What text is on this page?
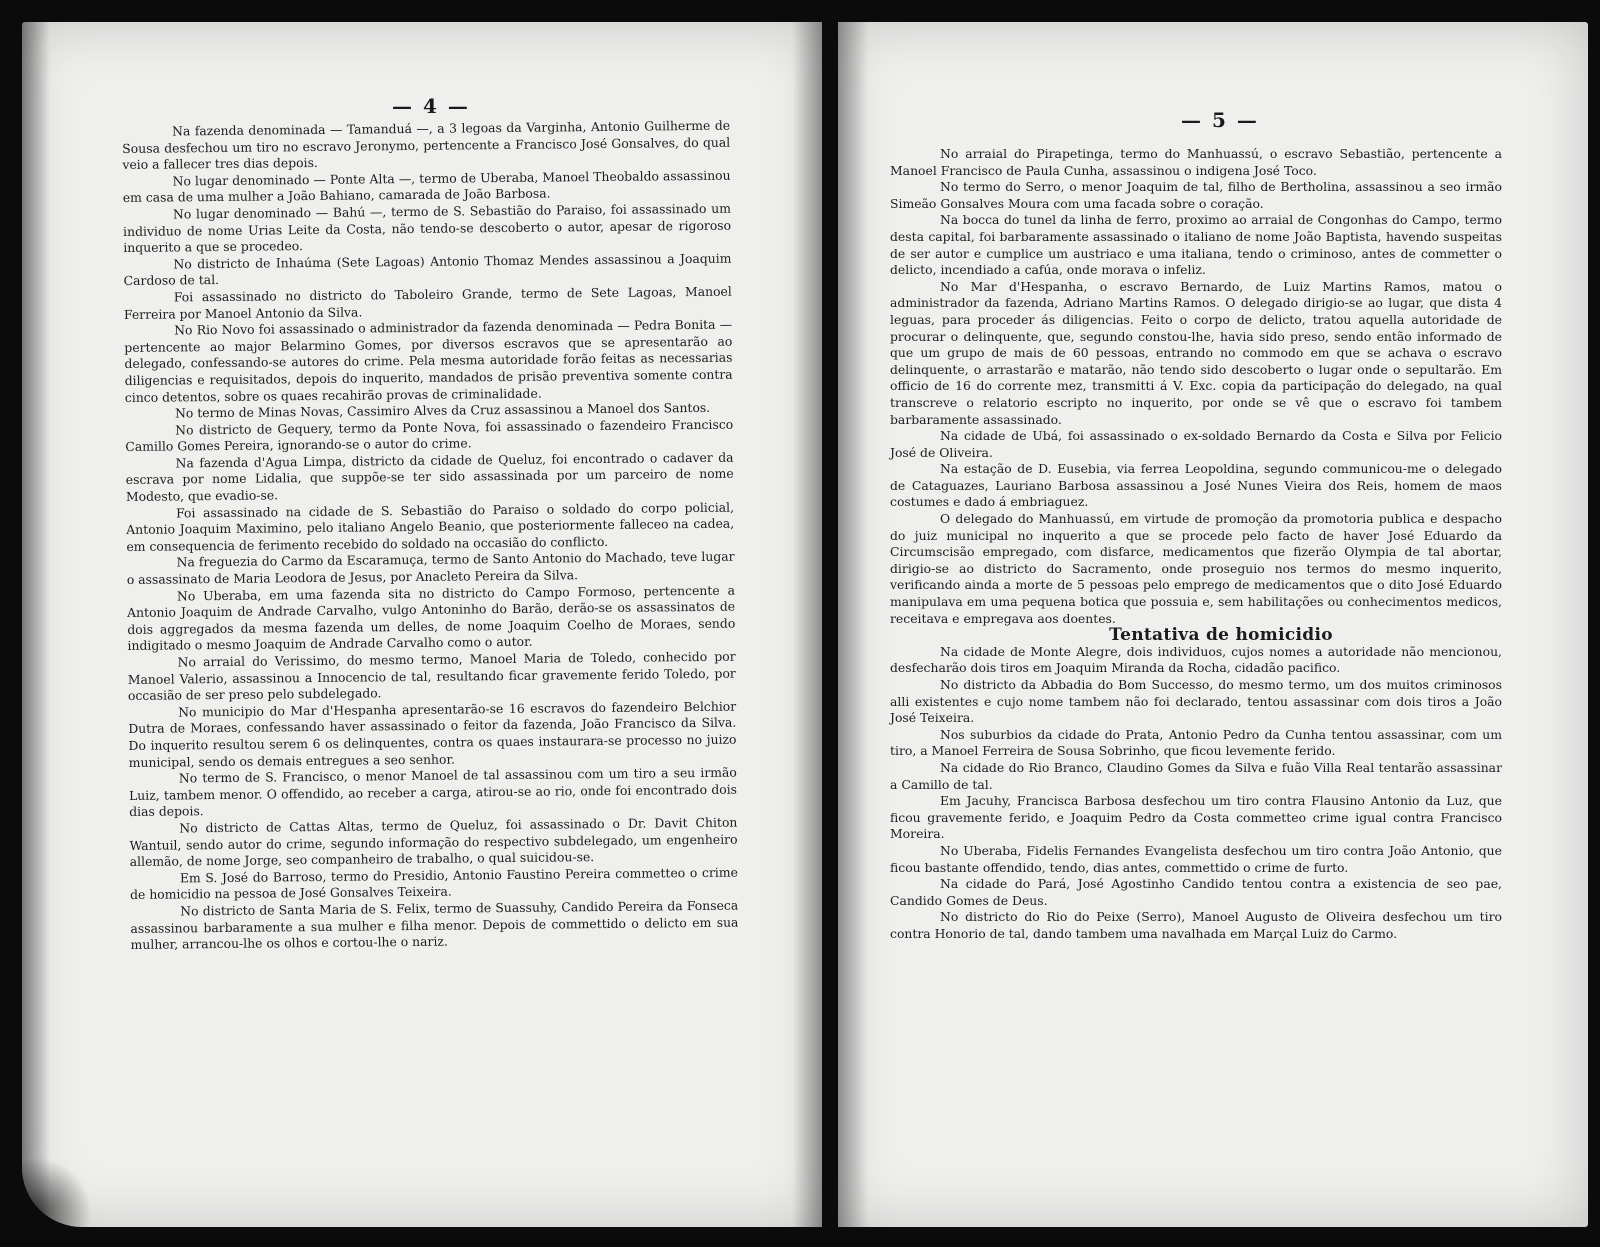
— 4 —

Na fazenda denominada — Tamanduá —, a 3 legoas da Varginha, Antonio Guilherme de Sousa desfechou um tiro no escravo Jeronymo, pertencente a Francisco José Gonsalves, do qual veio a fallecer tres dias depois.

No lugar denominado — Ponte Alta —, termo de Uberaba, Manoel Theobaldo assassinou em casa de uma mulher a João Bahiano, camarada de João Barbosa.

No lugar denominado — Bahú —, termo de S. Sebastião do Paraiso, foi assassinado um individuo de nome Urias Leite da Costa, não tendo-se descoberto o autor, apesar de rigoroso inquerito a que se procedeo.

No districto de Inhaúma (Sete Lagoas) Antonio Thomaz Mendes assassinou a Joaquim Cardoso de tal.

Foi assassinado no districto do Taboleiro Grande, termo de Sete Lagoas, Manoel Ferreira por Manoel Antonio da Silva.

No Rio Novo foi assassinado o administrador da fazenda denominada — Pedra Bonita — pertencente ao major Belarmino Gomes, por diversos escravos que se apresentarão ao delegado, confessando-se autores do crime. Pela mesma autoridade forão feitas as necessarias diligencias e requisitados, depois do inquerito, mandados de prisão preventiva somente contra cinco detentos, sobre os quaes recahirão provas de criminalidade.

No termo de Minas Novas, Cassimiro Alves da Cruz assassinou a Manoel dos Santos.

No districto de Gequery, termo da Ponte Nova, foi assassinado o fazendeiro Francisco Camillo Gomes Pereira, ignorando-se o autor do crime.

Na fazenda d'Agua Limpa, districto da cidade de Queluz, foi encontrado o cadaver da escrava por nome Lidalia, que suppõe-se ter sido assassinada por um parceiro de nome Modesto, que evadio-se.

Foi assassinado na cidade de S. Sebastião do Paraiso o soldado do corpo policial, Antonio Joaquim Maximino, pelo italiano Angelo Beanio, que posteriormente falleceo na cadea, em consequencia de ferimento recebido do soldado na occasião do conflicto.

Na freguezia do Carmo da Escaramuça, termo de Santo Antonio do Machado, teve lugar o assassinato de Maria Leodora de Jesus, por Anacleto Pereira da Silva.

No Uberaba, em uma fazenda sita no districto do Campo Formoso, pertencente a Antonio Joaquim de Andrade Carvalho, vulgo Antoninho do Barão, derão-se os assassinatos de dois aggregados da mesma fazenda um delles, de nome Joaquim Coelho de Moraes, sendo indigitado o mesmo Joaquim de Andrade Carvalho como o autor.

No arraial do Verissimo, do mesmo termo, Manoel Maria de Toledo, conhecido por Manoel Valerio, assassinou a Innocencio de tal, resultando ficar gravemente ferido Toledo, por occasião de ser preso pelo subdelegado.

No municipio do Mar d'Hespanha apresentarão-se 16 escravos do fazendeiro Belchior Dutra de Moraes, confessando haver assassinado o feitor da fazenda, João Francisco da Silva. Do inquerito resultou serem 6 os delinquentes, contra os quaes instaurara-se processo no juizo municipal, sendo os demais entregues a seo senhor.

No termo de S. Francisco, o menor Manoel de tal assassinou com um tiro a seu irmão Luiz, tambem menor. O offendido, ao receber a carga, atirou-se ao rio, onde foi encontrado dois dias depois.

No districto de Cattas Altas, termo de Queluz, foi assassinado o Dr. Davit Chiton Wantuil, sendo autor do crime, segundo informação do respectivo subdelegado, um engenheiro allemão, de nome Jorge, seo companheiro de trabalho, o qual suicidou-se.

Em S. José do Barroso, termo do Presidio, Antonio Faustino Pereira commetteo o crime de homicidio na pessoa de José Gonsalves Teixeira.

No districto de Santa Maria de S. Felix, termo de Suassuhy, Candido Pereira da Fonseca assassinou barbaramente a sua mulher e filha menor. Depois de commettido o delicto em sua mulher, arrancou-lhe os olhos e cortou-lhe o nariz.

— 5 —

No arraial do Pirapetinga, termo do Manhuassú, o escravo Sebastião, pertencente a Manoel Francisco de Paula Cunha, assassinou o indigena José Toco.

No termo do Serro, o menor Joaquim de tal, filho de Bertholina, assassinou a seo irmão Simeão Gonsalves Moura com uma facada sobre o coração.

Na bocca do tunel da linha de ferro, proximo ao arraial de Congonhas do Campo, termo desta capital, foi barbaramente assassinado o italiano de nome João Baptista, havendo suspeitas de ser autor e cumplice um austriaco e uma italiana, tendo o criminoso, antes de commetter o delicto, incendiado a cafúa, onde morava o infeliz.

No Mar d'Hespanha, o escravo Bernardo, de Luiz Martins Ramos, matou o administrador da fazenda, Adriano Martins Ramos. O delegado dirigio-se ao lugar, que dista 4 leguas, para proceder ás diligencias. Feito o corpo de delicto, tratou aquella autoridade de procurar o delinquente, que, segundo constou-lhe, havia sido preso, sendo então informado de que um grupo de mais de 60 pessoas, entrando no commodo em que se achava o escravo delinquente, o arrastarão e matarão, não tendo sido descoberto o lugar onde o sepultarão. Em officio de 16 do corrente mez, transmitti á V. Exc. copia da participação do delegado, na qual transcreve o relatorio escripto no inquerito, por onde se vê que o escravo foi tambem barbaramente assassinado.

Na cidade de Ubá, foi assassinado o ex-soldado Bernardo da Costa e Silva por Felicio José de Oliveira.

Na estação de D. Eusebia, via ferrea Leopoldina, segundo communicou-me o delegado de Cataguazes, Lauriano Barbosa assassinou a José Nunes Vieira dos Reis, homem de maos costumes e dado á embriaguez.

O delegado do Manhuassú, em virtude de promoção da promotoria publica e despacho do juiz municipal no inquerito a que se procede pelo facto de haver José Eduardo da Circumscisão empregado, com disfarce, medicamentos que fizerão Olympia de tal abortar, dirigio-se ao districto do Sacramento, onde proseguio nos termos do mesmo inquerito, verificando ainda a morte de 5 pessoas pelo emprego de medicamentos que o dito José Eduardo manipulava em uma pequena botica que possuia e, sem habilitações ou conhecimentos medicos, receitava e empregava aos doentes.

Tentativa de homicidio

Na cidade de Monte Alegre, dois individuos, cujos nomes a autoridade não mencionou, desfecharão dois tiros em Joaquim Miranda da Rocha, cidadão pacifico.

No districto da Abbadia do Bom Successo, do mesmo termo, um dos muitos criminosos alli existentes e cujo nome tambem não foi declarado, tentou assassinar com dois tiros a João José Teixeira.

Nos suburbios da cidade do Prata, Antonio Pedro da Cunha tentou assassinar, com um tiro, a Manoel Ferreira de Sousa Sobrinho, que ficou levemente ferido.

Na cidade do Rio Branco, Claudino Gomes da Silva e fuão Villa Real tentarão assassinar a Camillo de tal.

Em Jacuhy, Francisca Barbosa desfechou um tiro contra Flausino Antonio da Luz, que ficou gravemente ferido, e Joaquim Pedro da Costa commetteo crime igual contra Francisco Moreira.

No Uberaba, Fidelis Fernandes Evangelista desfechou um tiro contra João Antonio, que ficou bastante offendido, tendo, dias antes, commettido o crime de furto.

Na cidade do Pará, José Agostinho Candido tentou contra a existencia de seo pae, Candido Gomes de Deus.

No districto do Rio do Peixe (Serro), Manoel Augusto de Oliveira desfechou um tiro contra Honorio de tal, dando tambem uma navalhada em Marçal Luiz do Carmo.
